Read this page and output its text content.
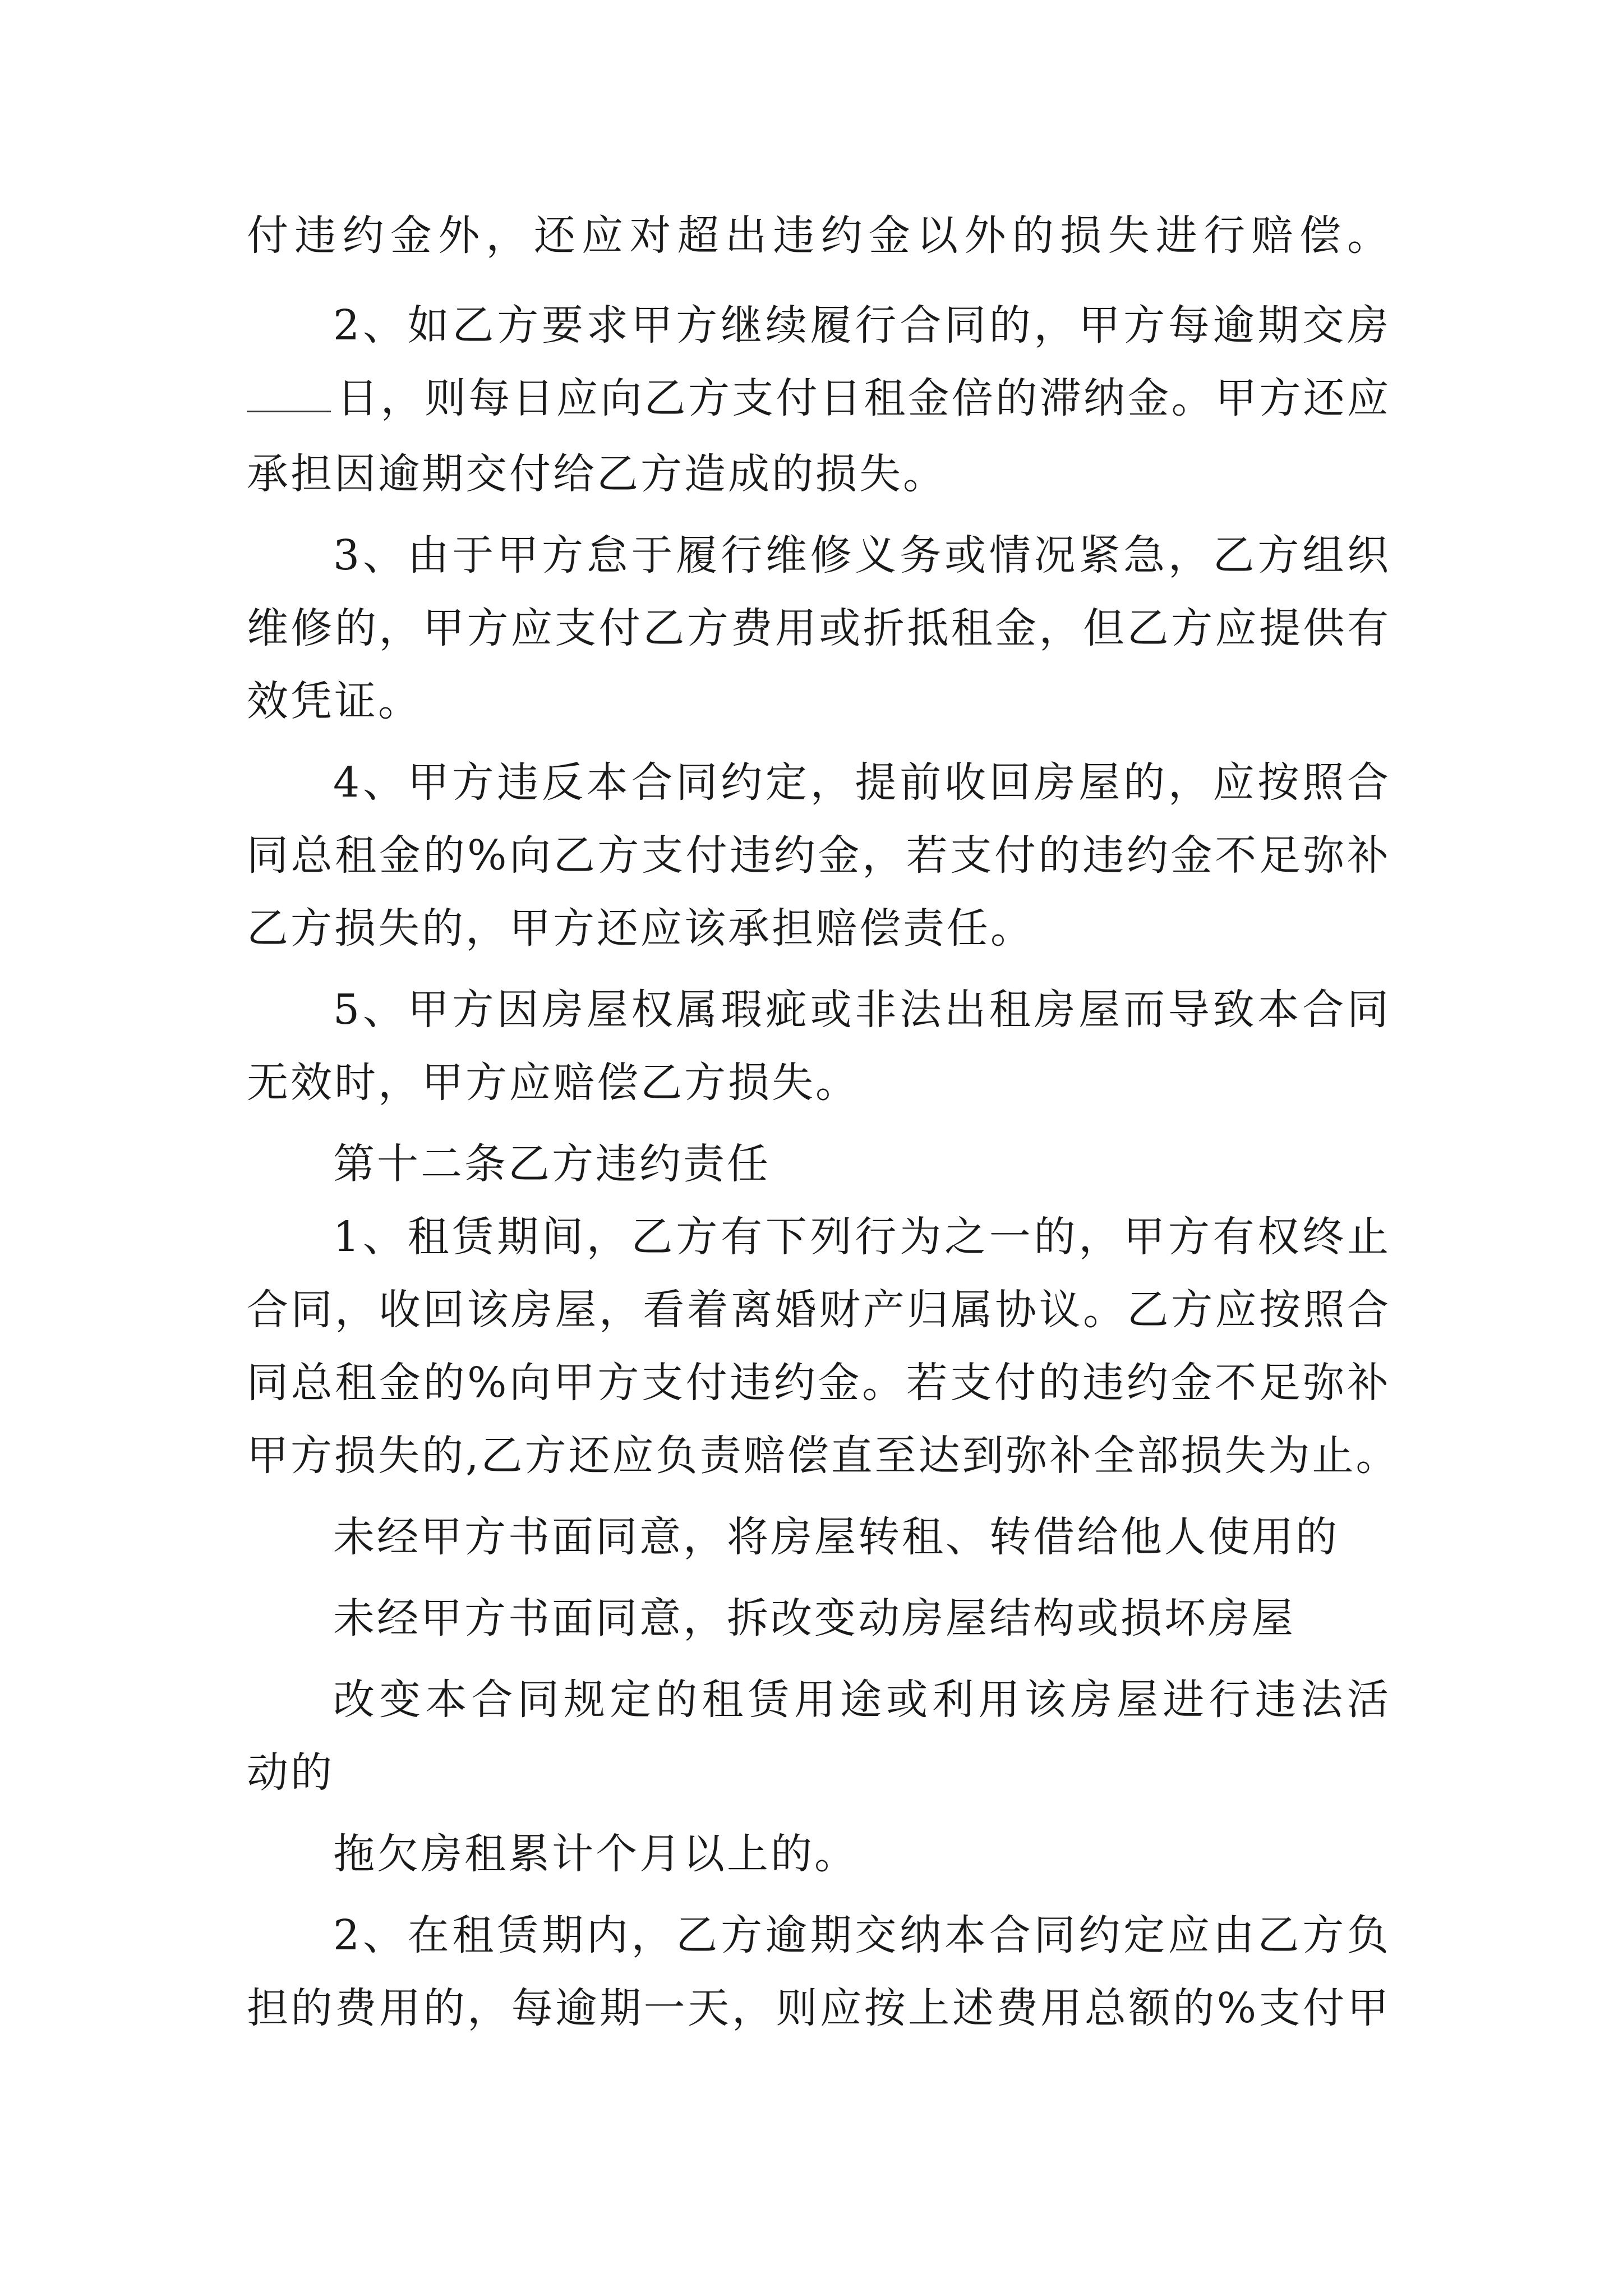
付违约金外，还应对超出违约金以外的损失进行赔偿。
2、如乙方要求甲方继续履行合同的，甲方每逾期交房
日，则每日应向乙方支付日租金倍的滞纳金。甲方还应
承担因逾期交付给乙方造成的损失。
3、由于甲方怠于履行维修义务或情况紧急，乙方组织
维修的，甲方应支付乙方费用或折抵租金，但乙方应提供有
效凭证。
4、甲方违反本合同约定，提前收回房屋的，应按照合
同总租金的%向乙方支付违约金，若支付的违约金不足弥补
乙方损失的，甲方还应该承担赔偿责任。
5、甲方因房屋权属瑕疵或非法出租房屋而导致本合同
无效时，甲方应赔偿乙方损失。
第十二条乙方违约责任
1、租赁期间，乙方有下列行为之一的，甲方有权终止
合同，收回该房屋，看着离婚财产归属协议。乙方应按照合
同总租金的%向甲方支付违约金。若支付的违约金不足弥补
甲方损失的,乙方还应负责赔偿直至达到弥补全部损失为止。
未经甲方书面同意，将房屋转租、转借给他人使用的
未经甲方书面同意，拆改变动房屋结构或损坏房屋
改变本合同规定的租赁用途或利用该房屋进行违法活
动的
拖欠房租累计个月以上的。
2、在租赁期内，乙方逾期交纳本合同约定应由乙方负
担的费用的，每逾期一天，则应按上述费用总额的%支付甲
